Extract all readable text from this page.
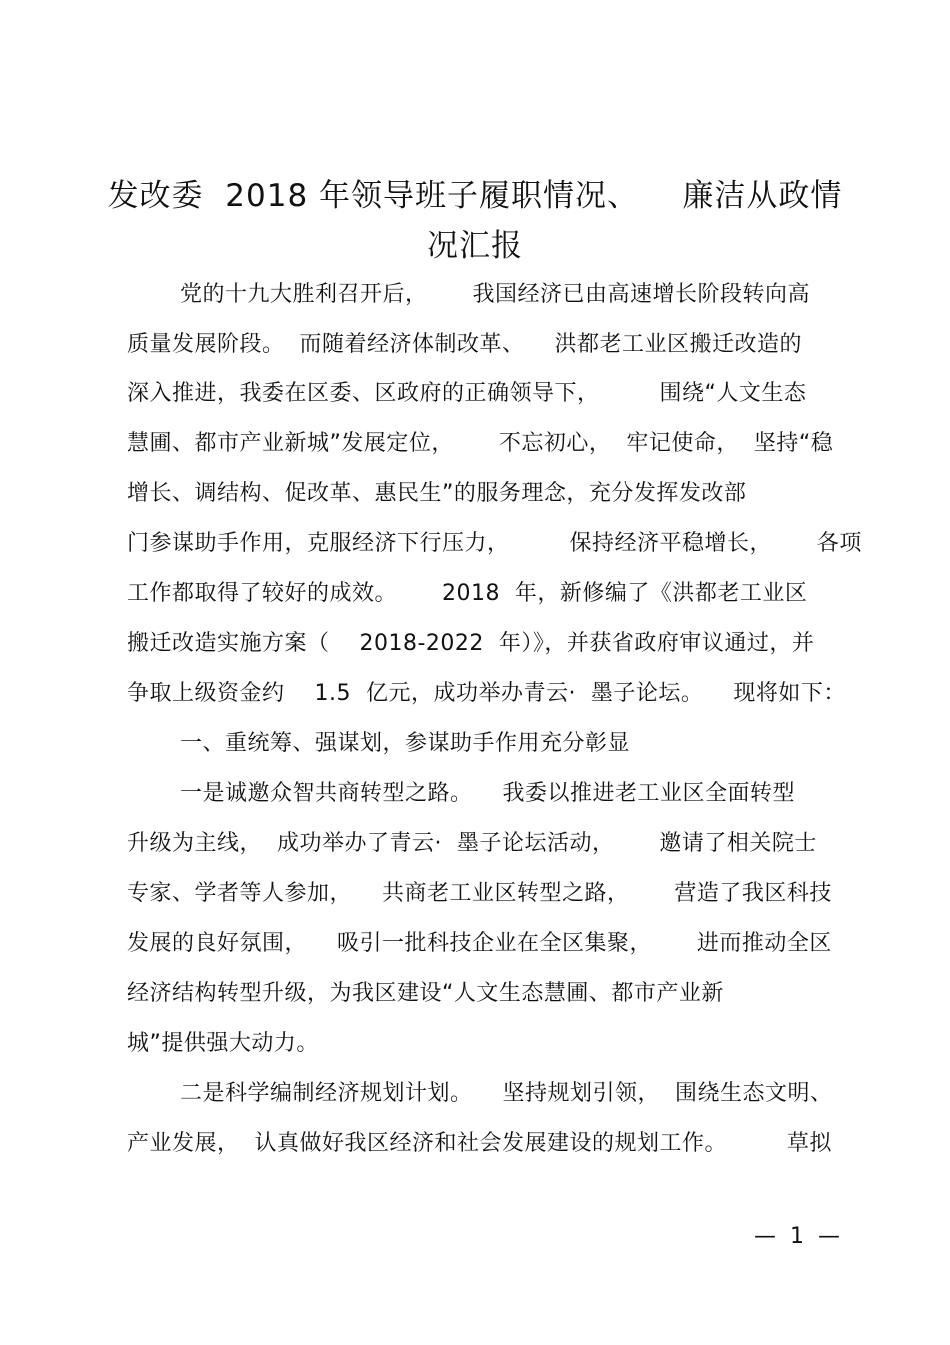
发改委  2018 年领导班子履职情况、    廉洁从政情
况汇报
党的十九大胜利召开后，      我国经济已由高速增长阶段转向高
质量发展阶段。  而随着经济体制改革、    洪都老工业区搬迁改造的
深入推进，我委在区委、区政府的正确领导下，        围绕“人文生态
慧圃、都市产业新城”发展定位，      不忘初心，  牢记使命，  坚持“稳
增长、调结构、促改革、惠民生”的服务理念，充分发挥发改部
门参谋助手作用，克服经济下行压力，        保持经济平稳增长，      各项
工作都取得了较好的成效。      2018  年，新修编了《洪都老工业区
搬迁改造实施方案（    2018-2022  年）》，并获省政府审议通过，并
争取上级资金约    1.5  亿元，成功举办青云·  墨子论坛。    现将如下：
一、重统筹、强谋划，参谋助手作用充分彰显
一是诚邀众智共商转型之路。    我委以推进老工业区全面转型
升级为主线，  成功举办了青云·  墨子论坛活动，      邀请了相关院士
专家、学者等人参加，    共商老工业区转型之路，      营造了我区科技
发展的良好氛围，    吸引一批科技企业在全区集聚，      进而推动全区
经济结构转型升级，为我区建设“人文生态慧圃、都市产业新
城”提供强大动力。
二是科学编制经济规划计划。    坚持规划引领，  围绕生态文明、
产业发展，  认真做好我区经济和社会发展建设的规划工作。        草拟
—  1  —
